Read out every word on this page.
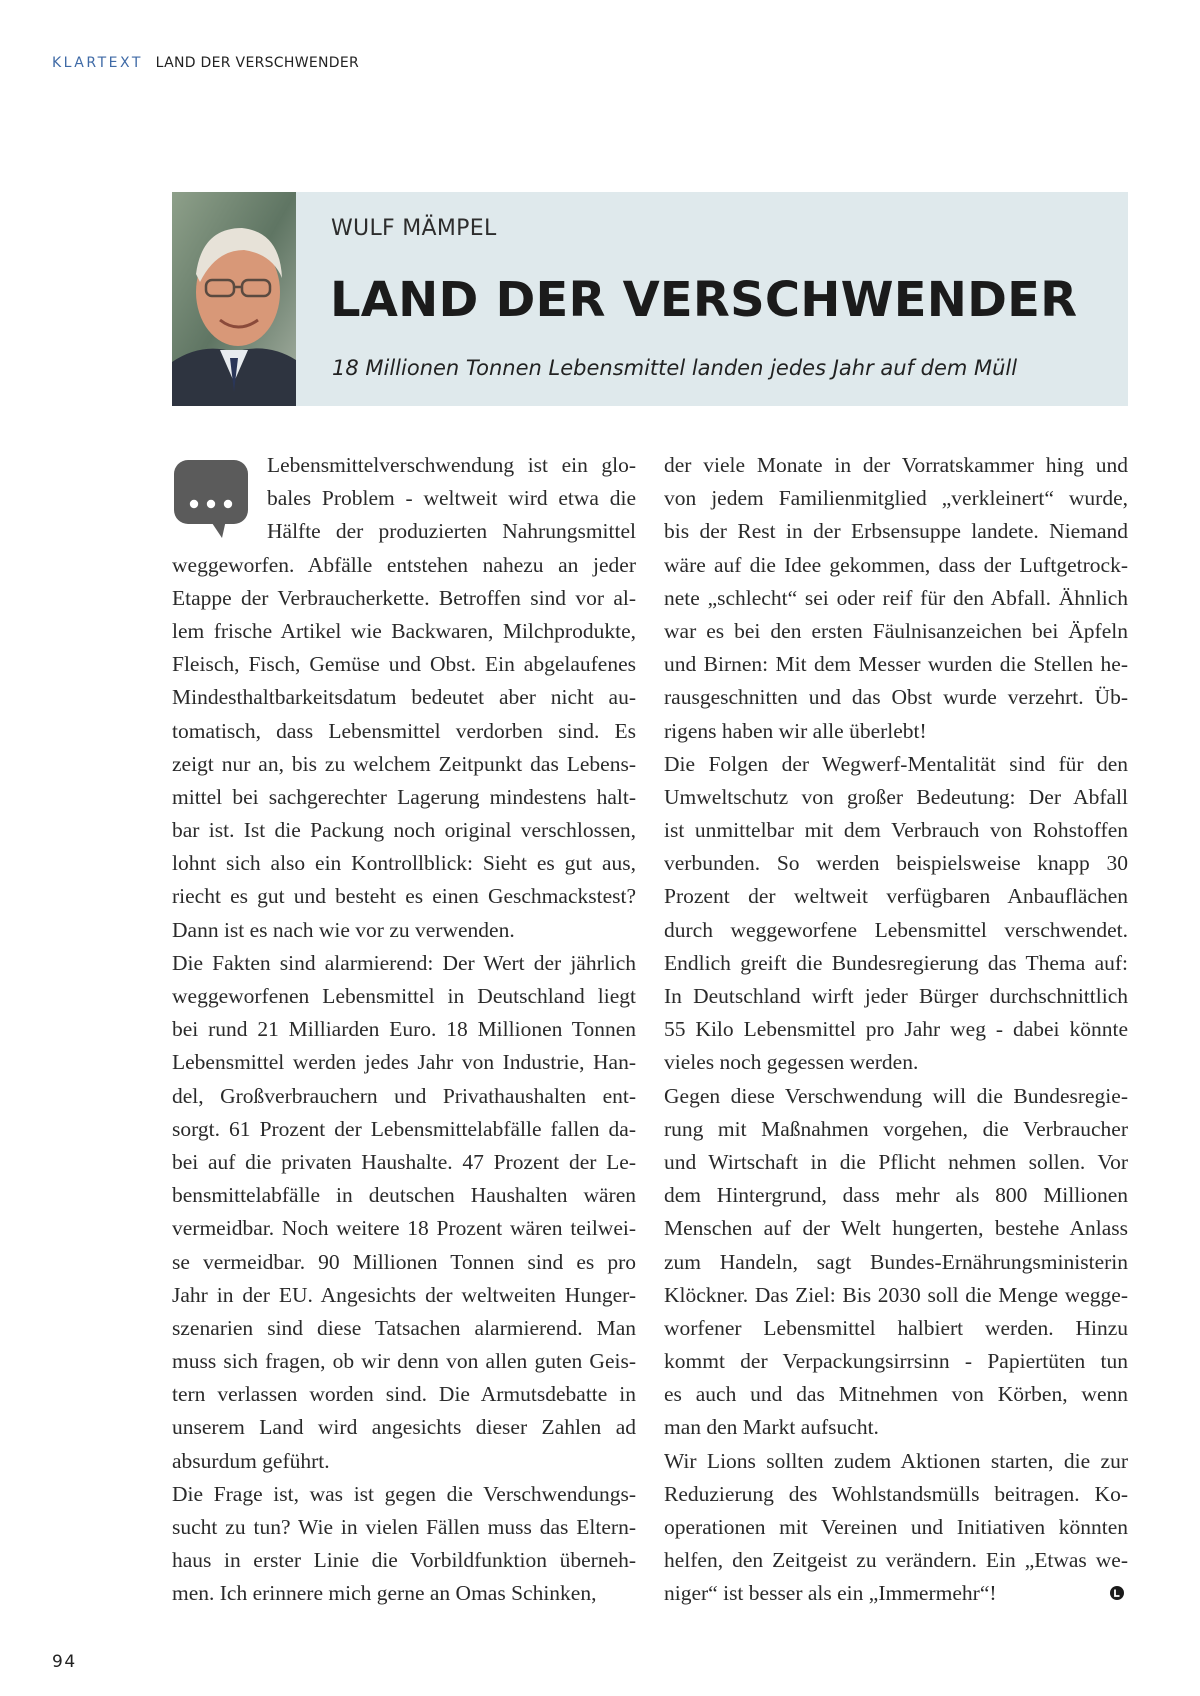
KLARTEXT LAND DER VERSCHWENDER
WULF MÄMPEL
LAND DER VERSCHWENDER
18 Millionen Tonnen Lebensmittel landen jedes Jahr auf dem Müll
Lebensmittelverschwendung ist ein glo-
bales Problem - weltweit wird etwa die
Hälfte der produzierten Nahrungsmittel
weggeworfen. Abfälle entstehen nahezu an jeder
Etappe der Verbraucherkette. Betroffen sind vor al-
lem frische Artikel wie Backwaren, Milchprodukte,
Fleisch, Fisch, Gemüse und Obst. Ein abgelaufenes
Mindesthaltbarkeitsdatum bedeutet aber nicht au-
tomatisch, dass Lebensmittel verdorben sind. Es
zeigt nur an, bis zu welchem Zeitpunkt das Lebens-
mittel bei sachgerechter Lagerung mindestens halt-
bar ist. Ist die Packung noch original verschlossen,
lohnt sich also ein Kontrollblick: Sieht es gut aus,
riecht es gut und besteht es einen Geschmackstest?
Dann ist es nach wie vor zu verwenden.
Die Fakten sind alarmierend: Der Wert der jährlich
weggeworfenen Lebensmittel in Deutschland liegt
bei rund 21 Milliarden Euro. 18 Millionen Tonnen
Lebensmittel werden jedes Jahr von Industrie, Han-
del, Großverbrauchern und Privathaushalten ent-
sorgt. 61 Prozent der Lebensmittelabfälle fallen da-
bei auf die privaten Haushalte. 47 Prozent der Le-
bensmittelabfälle in deutschen Haushalten wären
vermeidbar. Noch weitere 18 Prozent wären teilwei-
se vermeidbar. 90 Millionen Tonnen sind es pro
Jahr in der EU. Angesichts der weltweiten Hunger-
szenarien sind diese Tatsachen alarmierend. Man
muss sich fragen, ob wir denn von allen guten Geis-
tern verlassen worden sind. Die Armutsdebatte in
unserem Land wird angesichts dieser Zahlen ad
absurdum geführt.
Die Frage ist, was ist gegen die Verschwendungs-
sucht zu tun? Wie in vielen Fällen muss das Eltern-
haus in erster Linie die Vorbildfunktion überneh-
men. Ich erinnere mich gerne an Omas Schinken,
der viele Monate in der Vorratskammer hing und
von jedem Familienmitglied „verkleinert“ wurde,
bis der Rest in der Erbsensuppe landete. Niemand
wäre auf die Idee gekommen, dass der Luftgetrock-
nete „schlecht“ sei oder reif für den Abfall. Ähnlich
war es bei den ersten Fäulnisanzeichen bei Äpfeln
und Birnen: Mit dem Messer wurden die Stellen he-
rausgeschnitten und das Obst wurde verzehrt. Üb-
rigens haben wir alle überlebt!
Die Folgen der Wegwerf-Mentalität sind für den
Umweltschutz von großer Bedeutung: Der Abfall
ist unmittelbar mit dem Verbrauch von Rohstoffen
verbunden. So werden beispielsweise knapp 30
Prozent der weltweit verfügbaren Anbauflächen
durch weggeworfene Lebensmittel verschwendet.
Endlich greift die Bundesregierung das Thema auf:
In Deutschland wirft jeder Bürger durchschnittlich
55 Kilo Lebensmittel pro Jahr weg - dabei könnte
vieles noch gegessen werden.
Gegen diese Verschwendung will die Bundesregie-
rung mit Maßnahmen vorgehen, die Verbraucher
und Wirtschaft in die Pflicht nehmen sollen. Vor
dem Hintergrund, dass mehr als 800 Millionen
Menschen auf der Welt hungerten, bestehe Anlass
zum Handeln, sagt Bundes-Ernährungsministerin
Klöckner. Das Ziel: Bis 2030 soll die Menge wegge-
worfener Lebensmittel halbiert werden. Hinzu
kommt der Verpackungsirrsinn - Papiertüten tun
es auch und das Mitnehmen von Körben, wenn
man den Markt aufsucht.
Wir Lions sollten zudem Aktionen starten, die zur
Reduzierung des Wohlstandsmülls beitragen. Ko-
operationen mit Vereinen und Initiativen könnten
helfen, den Zeitgeist zu verändern. Ein „Etwas we-
niger“ ist besser als ein „Immermehr“!
94
